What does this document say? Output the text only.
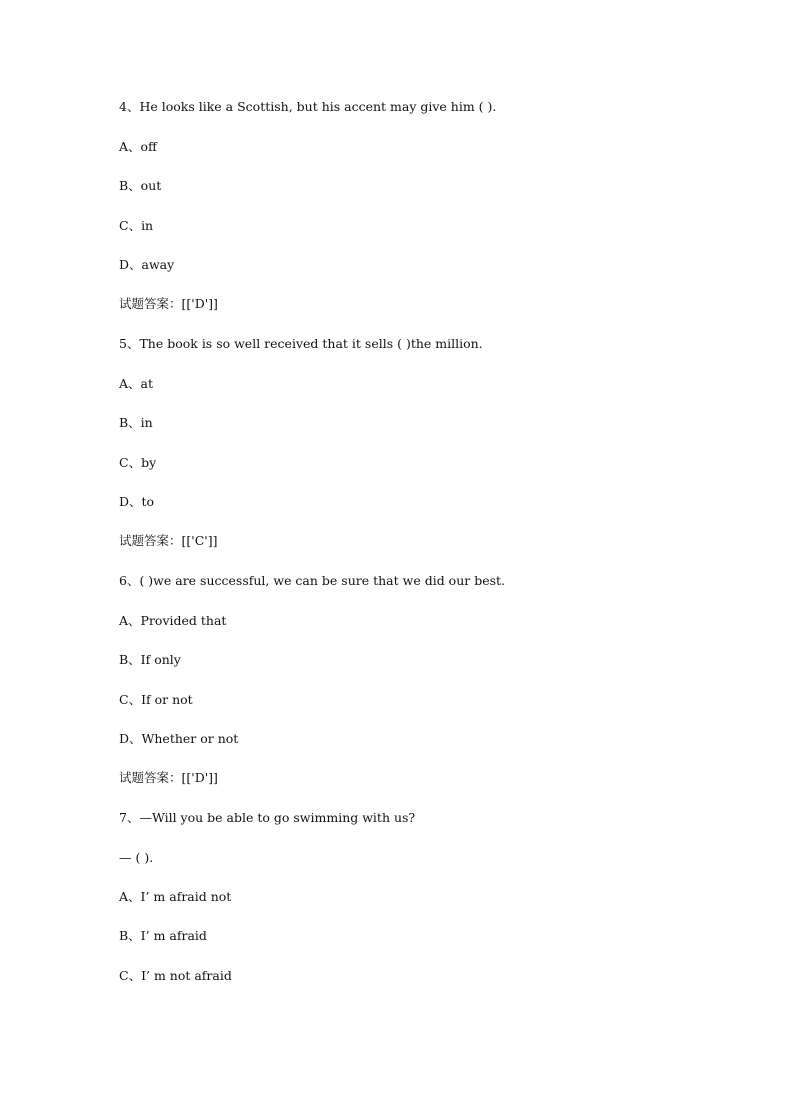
4、He looks like a Scottish, but his accent may give him ( ).
A、off
B、out
C、in
D、away
试题答案：[['D']]
5、The book is so well received that it sells ( )the million.
A、at
B、in
C、by
D、to
试题答案：[['C']]
6、( )we are successful, we can be sure that we did our best.
A、Provided that
B、If only
C、If or not
D、Whether or not
试题答案：[['D']]
7、—Will you be able to go swimming with us?
— ( ).
A、I’ m afraid not
B、I’ m afraid
C、I’ m not afraid
